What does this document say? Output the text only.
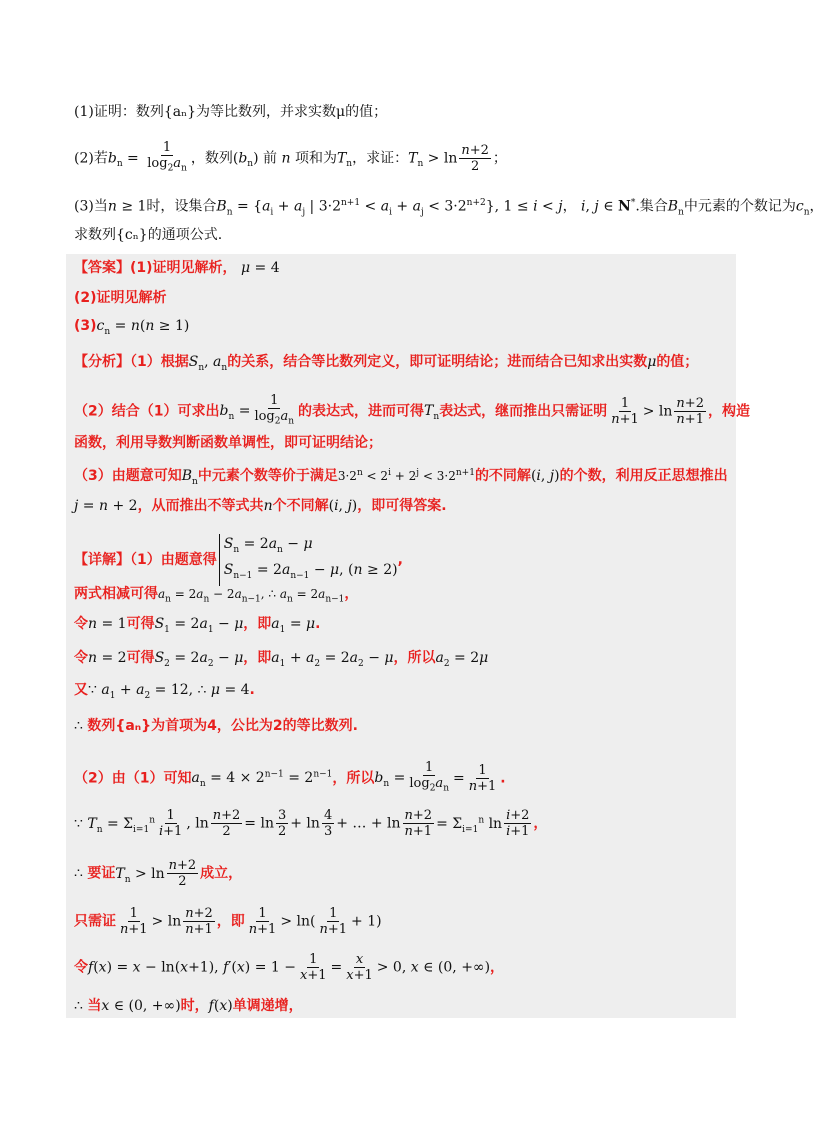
(1)证明：数列{aₙ}为等比数列，并求实数μ的值；
(2)若$b_n = \frac{1}{\log_2a_n}$ ，数列$(b_n)$ 前 n 项和为$T_n$，求证：$T_n > \ln \frac{n+2}{2}$ ；
(3)当n ≥ 1时，设集合$B_n = \{a_i + a_j$ | $3\cdot 2^{n+1} < a_i + a_j < 3\cdot 2^{n+2}$}, 1 ≤ i < j， i, j ∈ N*.集合$B_n$中元素的个数记为$c_n$，
求数列{cₙ}的通项公式.
【答案】(1)证明见解析， μ = 4
(2)证明见解析
$(3)c_n = n(n \ge 1)$
【分析】（1）根据$S_n$, $a_n$的关系，结合等比数列定义，即可证明结论；进而结合已知求出实数μ的值；
（2）结合（1）可求出$b_n = \frac{1}{\log_2a_n}$ 的表达式，进而可得$T_n$表达式，继而推出只需证明 $\frac{1}{n+1} > \ln \frac{n+2}{n+1}$ ，构造
函数，利用导数判断函数单调性，即可证明结论；
（3）由题意可知$B_n$中元素个数等价于满足$3\cdot 2^n < 2^i + 2^j < 3\cdot 2^{n+1}$的不同解(i, j)的个数，利用反正思想推出
j = n + 2，从而推出不等式共n个不同解(i, j)，即可得答案.
【详解】（1）由题意得
$S_n = 2a_n - \mu$
$S_{n-1} = 2a_{n-1} - \mu$, (n ≥ 2)
,
两式相减可得$a_n = 2a_n - 2a_{n-1}$, ∴ $a_n = 2a_{n-1}$，
令n = 1可得$S_1 = 2a_1 - \mu$，即$a_1 = \mu$.
令n = 2可得$S_2 = 2a_2 - \mu$，即$a_1 + a_2 = 2a_2 - \mu$，所以$a_2 = 2\mu$
又∵ $a_1 + a_2 = 12$, ∴ μ = 4.
∴ 数列{aₙ}为首项为4，公比为2的等比数列.
（2）由（1）可知$a_n = 4 \times 2^{n-1} = 2^{n-1}$，所以$b_n = \frac{1}{\log_2a_n} = \frac{1}{n+1}$ .
∵ $T_n = \Sigma_{i=1}^n \frac{1}{i+1}$ , $\ln \frac{n+2}{2} = \ln \frac{3}{2} + \ln \frac{4}{3}$ + … + $\ln \frac{n+2}{n+1} = \Sigma_{i=1}^n$ $\ln \frac{i+2}{i+1}$ ，
∴ 要证$T_n > \ln \frac{n+2}{2}$ 成立，
只需证 $\frac{1}{n+1} > \ln \frac{n+2}{n+1}$ ，即 $\frac{1}{n+1} > \ln( \frac{1}{n+1} + 1)$
令f(x) = x − ln(x+1), $f'(x) = 1 - \frac{1}{x+1} = \frac{x}{x+1} > 0$, x ∈ (0, +∞)，
∴ 当x ∈ (0, +∞)时，f(x)单调递增，
